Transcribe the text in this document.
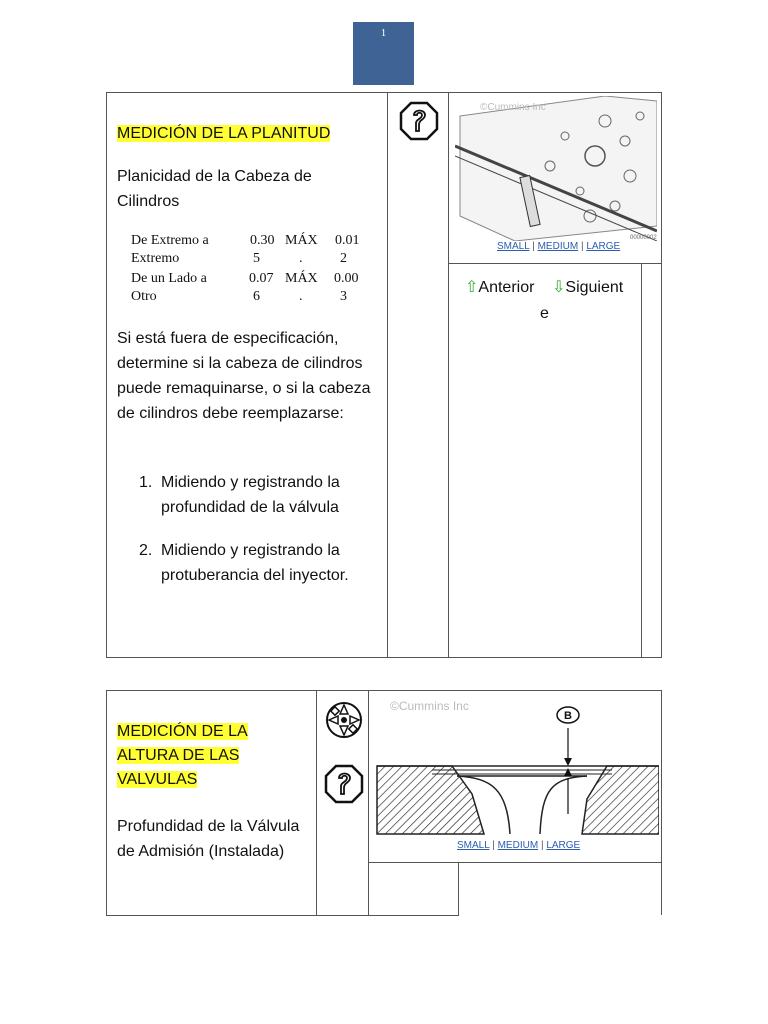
1
MEDICIÓN DE LA PLANITUD
Planicidad de la Cabeza de Cilindros
De Extremo a
Extremo
0.30
5
MÁX
.
0.01
2
De un Lado a
Otro
0.07
6
MÁX
.
0.00
3
Si está fuera de especificación, determine si la cabeza de cilindros puede remaquinarse, o si la cabeza de cilindros debe reemplazarse:
1. Midiendo y registrando la profundidad de la válvula
2. Midiendo y registrando la protuberancia del inyector.
©Cummins Inc
00000002
SMALL | MEDIUM | LARGE
⇧Anterior ⇩Siguient
e
MEDICIÓN DE LA ALTURA DE LAS VALVULAS
Profundidad de la Válvula de Admisión (Instalada)
©Cummins Inc
B
SMALL | MEDIUM | LARGE
